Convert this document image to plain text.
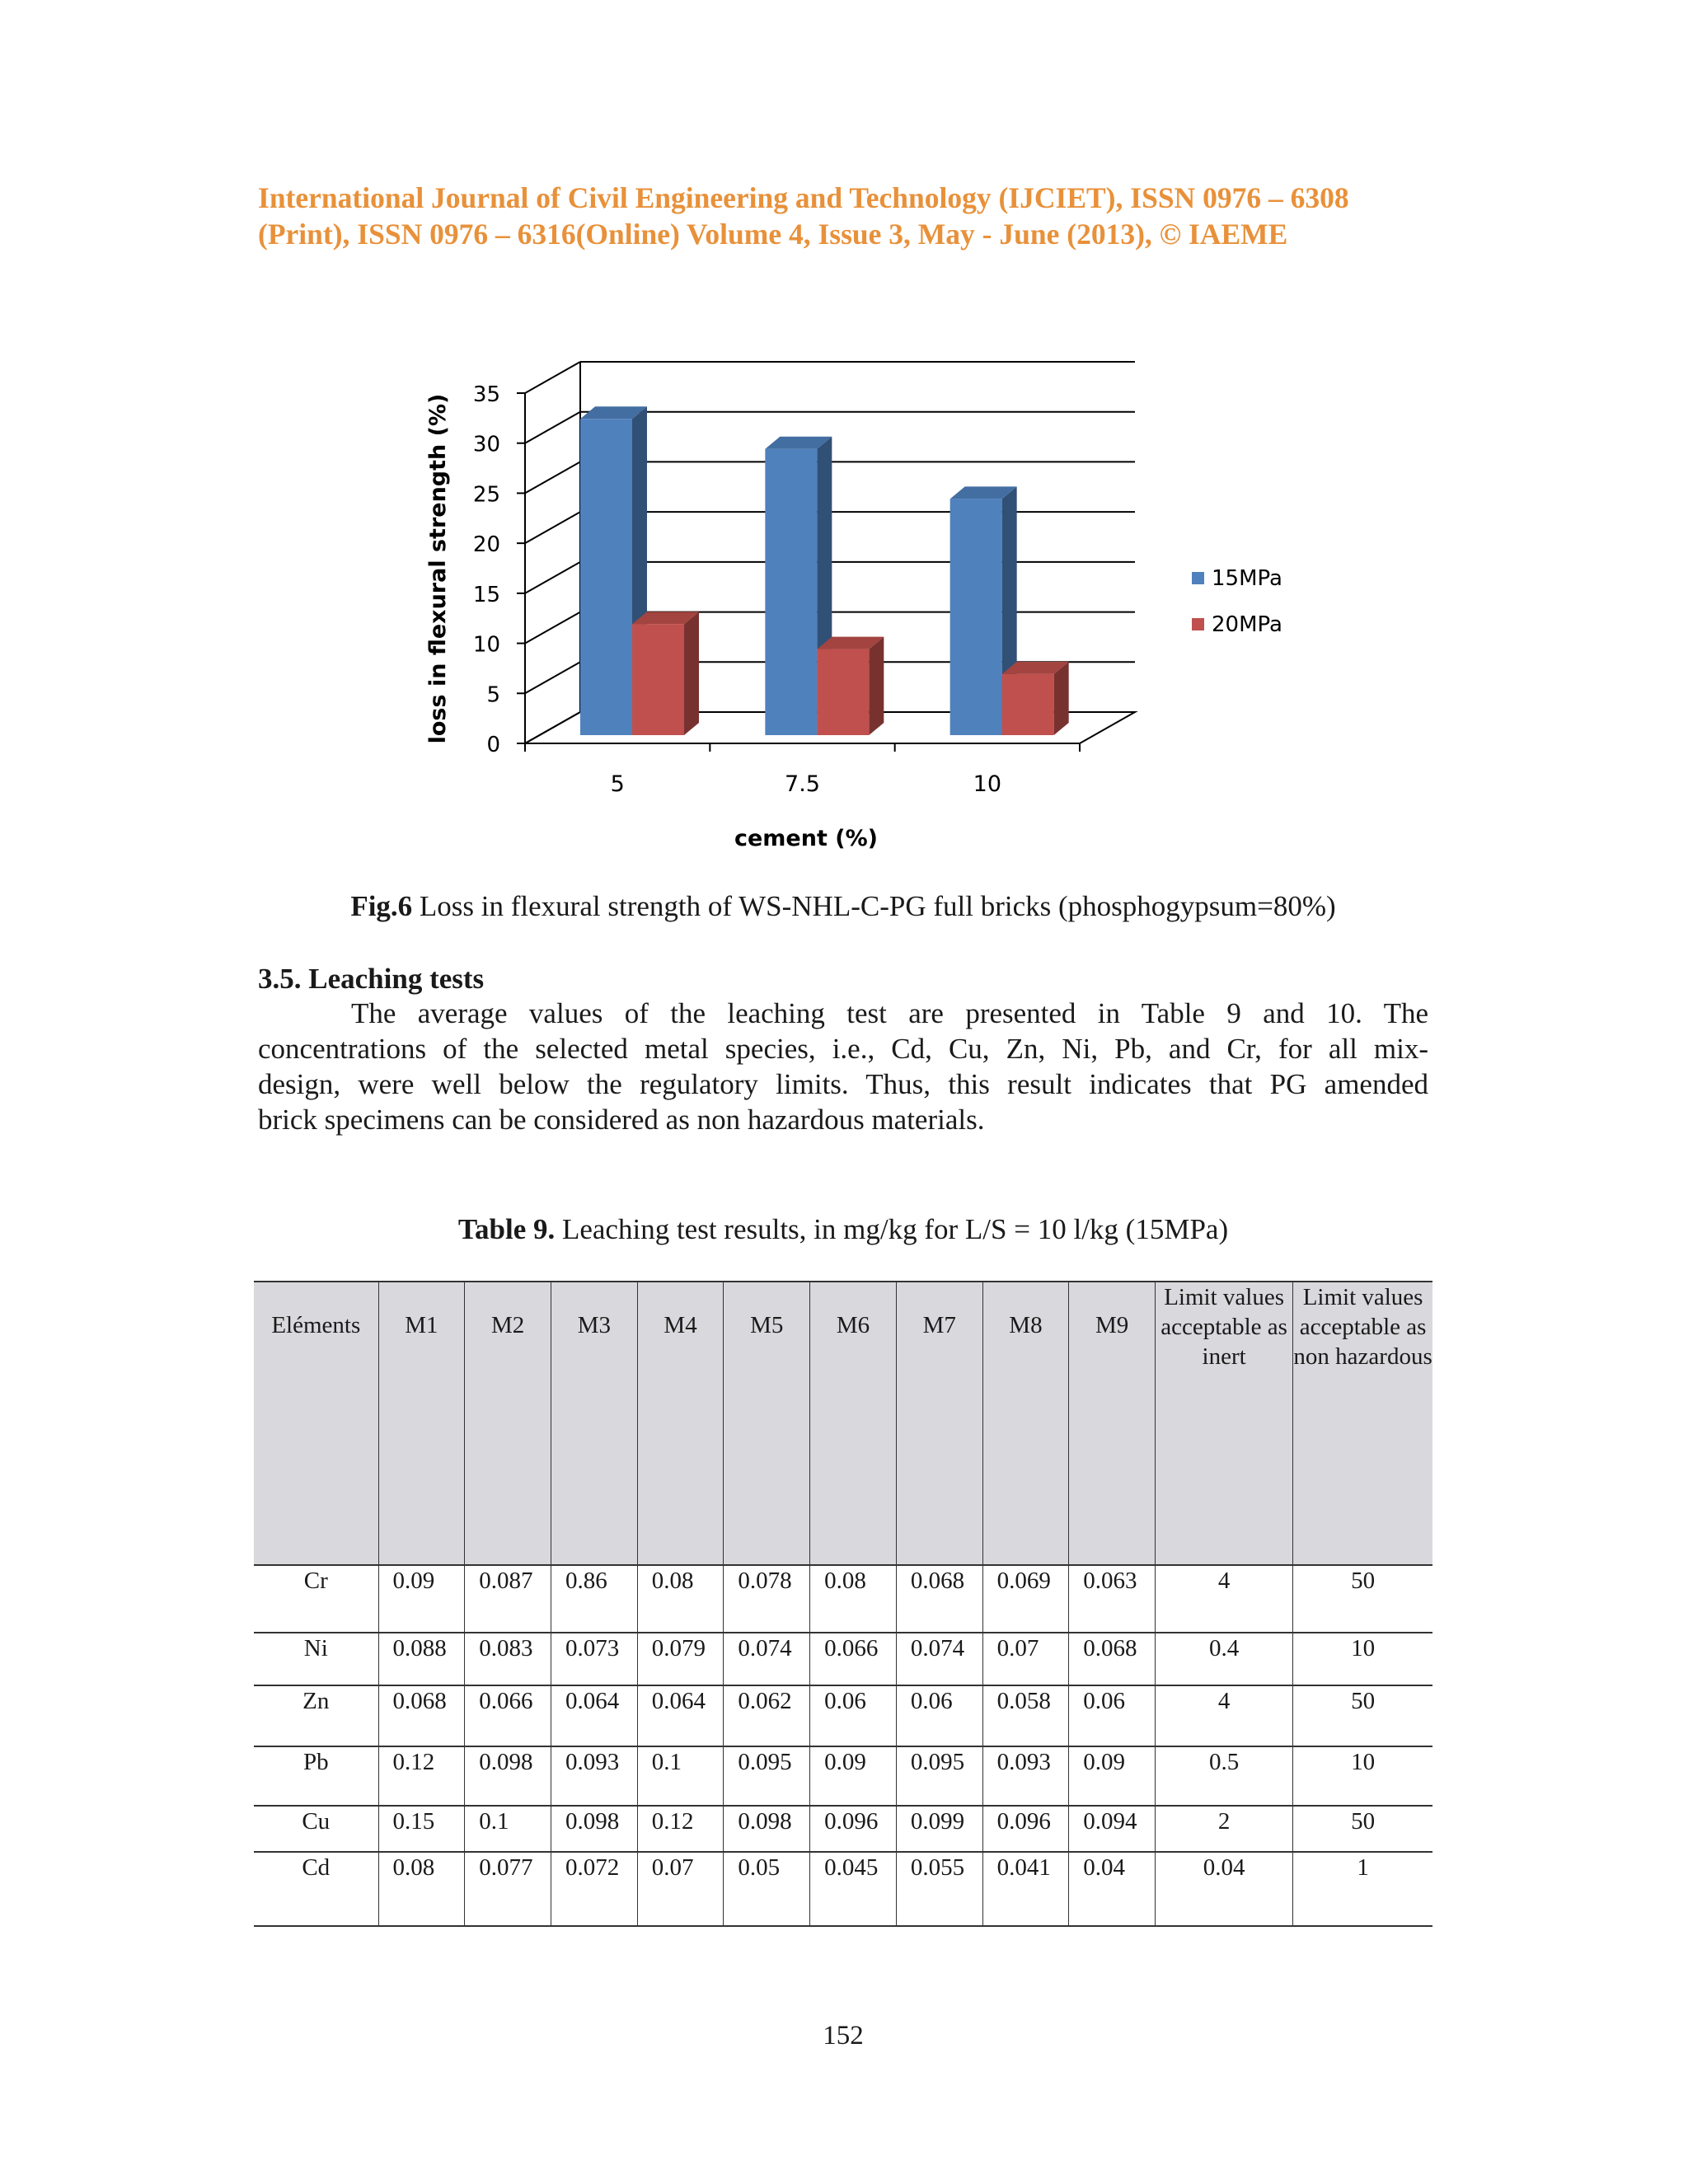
International Journal of Civil Engineering and Technology (IJCIET), ISSN 0976 – 6308
(Print), ISSN 0976 – 6316(Online) Volume 4, Issue 3, May - June (2013), © IAEME
0
5
10
15
20
25
30
35
5	7.5	10
loss in flexural strength (%)
cement (%)
15MPa
20MPa
Fig.6 Loss in flexural strength of WS-NHL-C-PG full bricks (phosphogypsum=80%)
3.5. Leaching tests
The average values of the leaching test are presented in Table 9 and 10. The
concentrations of the selected metal species, i.e., Cd, Cu, Zn, Ni, Pb, and Cr, for all mix-
design, were well below the regulatory limits. Thus, this result indicates that PG amended
brick specimens can be considered as non hazardous materials.
Table 9. Leaching test results, in mg/kg for L/S = 10 l/kg (15MPa)
Eléments	M1	M2	M3	M4	M5	M6	M7	M8	M9	Limit values acceptable as inert	Limit values acceptable as non hazardous
Cr	0.09	0.087	0.86	0.08	0.078	0.08	0.068	0.069	0.063	4	50
Ni	0.088	0.083	0.073	0.079	0.074	0.066	0.074	0.07	0.068	0.4	10
Zn	0.068	0.066	0.064	0.064	0.062	0.06	0.06	0.058	0.06	4	50
Pb	0.12	0.098	0.093	0.1	0.095	0.09	0.095	0.093	0.09	0.5	10
Cu	0.15	0.1	0.098	0.12	0.098	0.096	0.099	0.096	0.094	2	50
Cd	0.08	0.077	0.072	0.07	0.05	0.045	0.055	0.041	0.04	0.04	1
152
